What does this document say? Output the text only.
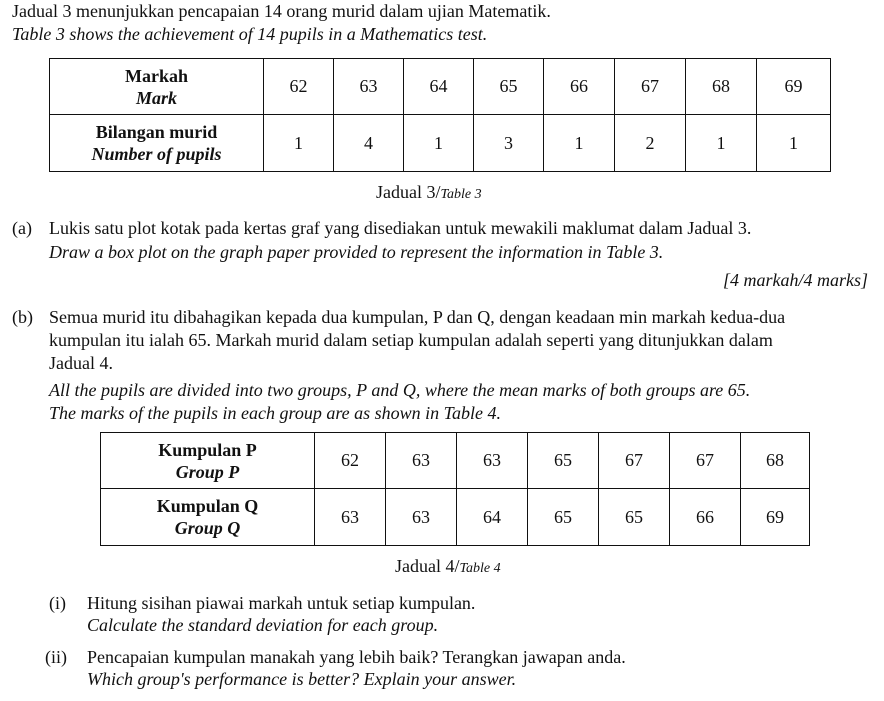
Jadual 3 menunjukkan pencapaian 14 orang murid dalam ujian Matematik.
Table 3 shows the achievement of 14 pupils in a Mathematics test.
Markah
Mark	62	63	64	65	66	67	68	69

Bilangan murid
Number of pupils	1	4	1	3	1	2	1	1
Jadual 3/Table 3
(a) Lukis satu plot kotak pada kertas graf yang disediakan untuk mewakili maklumat dalam Jadual 3.
Draw a box plot on the graph paper provided to represent the information in Table 3.
[4 markah/4 marks]
(b) Semua murid itu dibahagikan kepada dua kumpulan, P dan Q, dengan keadaan min markah kedua-dua
kumpulan itu ialah 65. Markah murid dalam setiap kumpulan adalah seperti yang ditunjukkan dalam
Jadual 4.
All the pupils are divided into two groups, P and Q, where the mean marks of both groups are 65.
The marks of the pupils in each group are as shown in Table 4.
Kumpulan P
Group P	62	63	63	65	67	67	68

Kumpulan Q
Group Q	63	63	64	65	65	66	69
Jadual 4/Table 4
(i) Hitung sisihan piawai markah untuk setiap kumpulan.
Calculate the standard deviation for each group.
(ii) Pencapaian kumpulan manakah yang lebih baik? Terangkan jawapan anda.
Which group's performance is better? Explain your answer.
